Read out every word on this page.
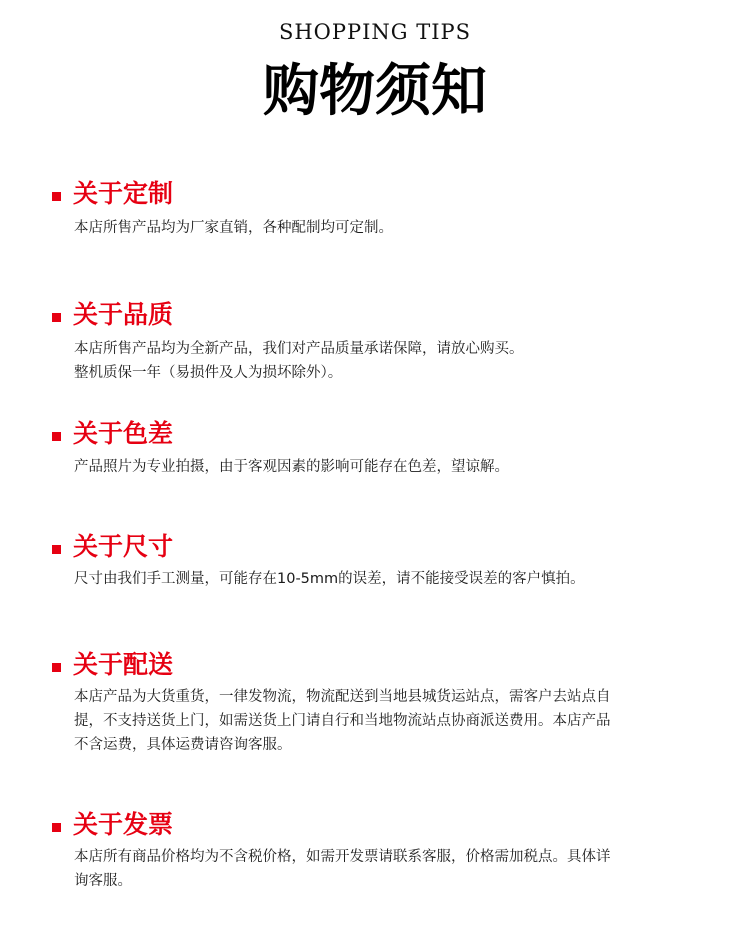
SHOPPING TIPS
购物须知
关于定制
本店所售产品均为厂家直销，各种配制均可定制。
关于品质
本店所售产品均为全新产品，我们对产品质量承诺保障，请放心购买。
整机质保一年（易损件及人为损坏除外）。
关于色差
产品照片为专业拍摄，由于客观因素的影响可能存在色差，望谅解。
关于尺寸
尺寸由我们手工测量，可能存在10-5mm的误差，请不能接受误差的客户慎拍。
关于配送
本店产品为大货重货，一律发物流，物流配送到当地县城货运站点，需客户去站点自
提，不支持送货上门，如需送货上门请自行和当地物流站点协商派送费用。本店产品
不含运费，具体运费请咨询客服。
关于发票
本店所有商品价格均为不含税价格，如需开发票请联系客服，价格需加税点。具体详
询客服。
